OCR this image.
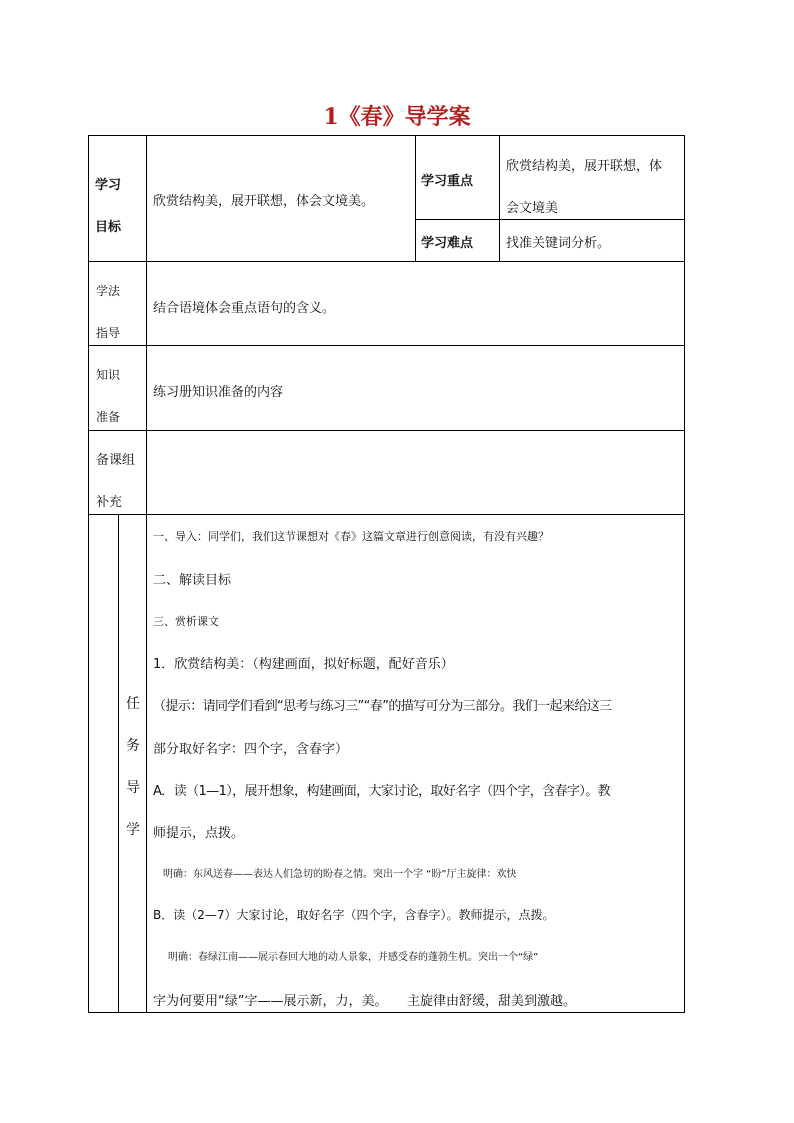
1《春》导学案
学习
目标
欣赏结构美，展开联想，体会文境美。
学习重点
欣赏结构美，展开联想，体
会文境美
学习难点	找准关键词分析。
学法
指导
结合语境体会重点语句的含义。
知识
准备
练习册知识准备的内容
备课组
补充
任
务
导
学
一、导入：同学们，我们这节课想对《春》这篇文章进行创意阅读，有没有兴趣？
二、解读目标
三、赏析课文
1．欣赏结构美：（构建画面，拟好标题，配好音乐）
（提示：请同学们看到“思考与练习三”“春”的描写可分为三部分。我们一起来给这三
部分取好名字：四个字，含春字）
A．读（1—1），展开想象，构建画面，大家讨论，取好名字（四个字，含春字）。教
师提示，点拨。
明确：东风送春——表达人们急切的盼春之情。突出一个字 “盼”厅主旋律：欢快
B．读（2—7）大家讨论，取好名字（四个字，含春字）。教师提示，点拨。
明确：春绿江南——展示春回大地的动人景象，并感受春的蓬勃生机。突出一个“绿”
字为何要用“绿”字——展示新，力，美。　　主旋律由舒缓，甜美到激越。
